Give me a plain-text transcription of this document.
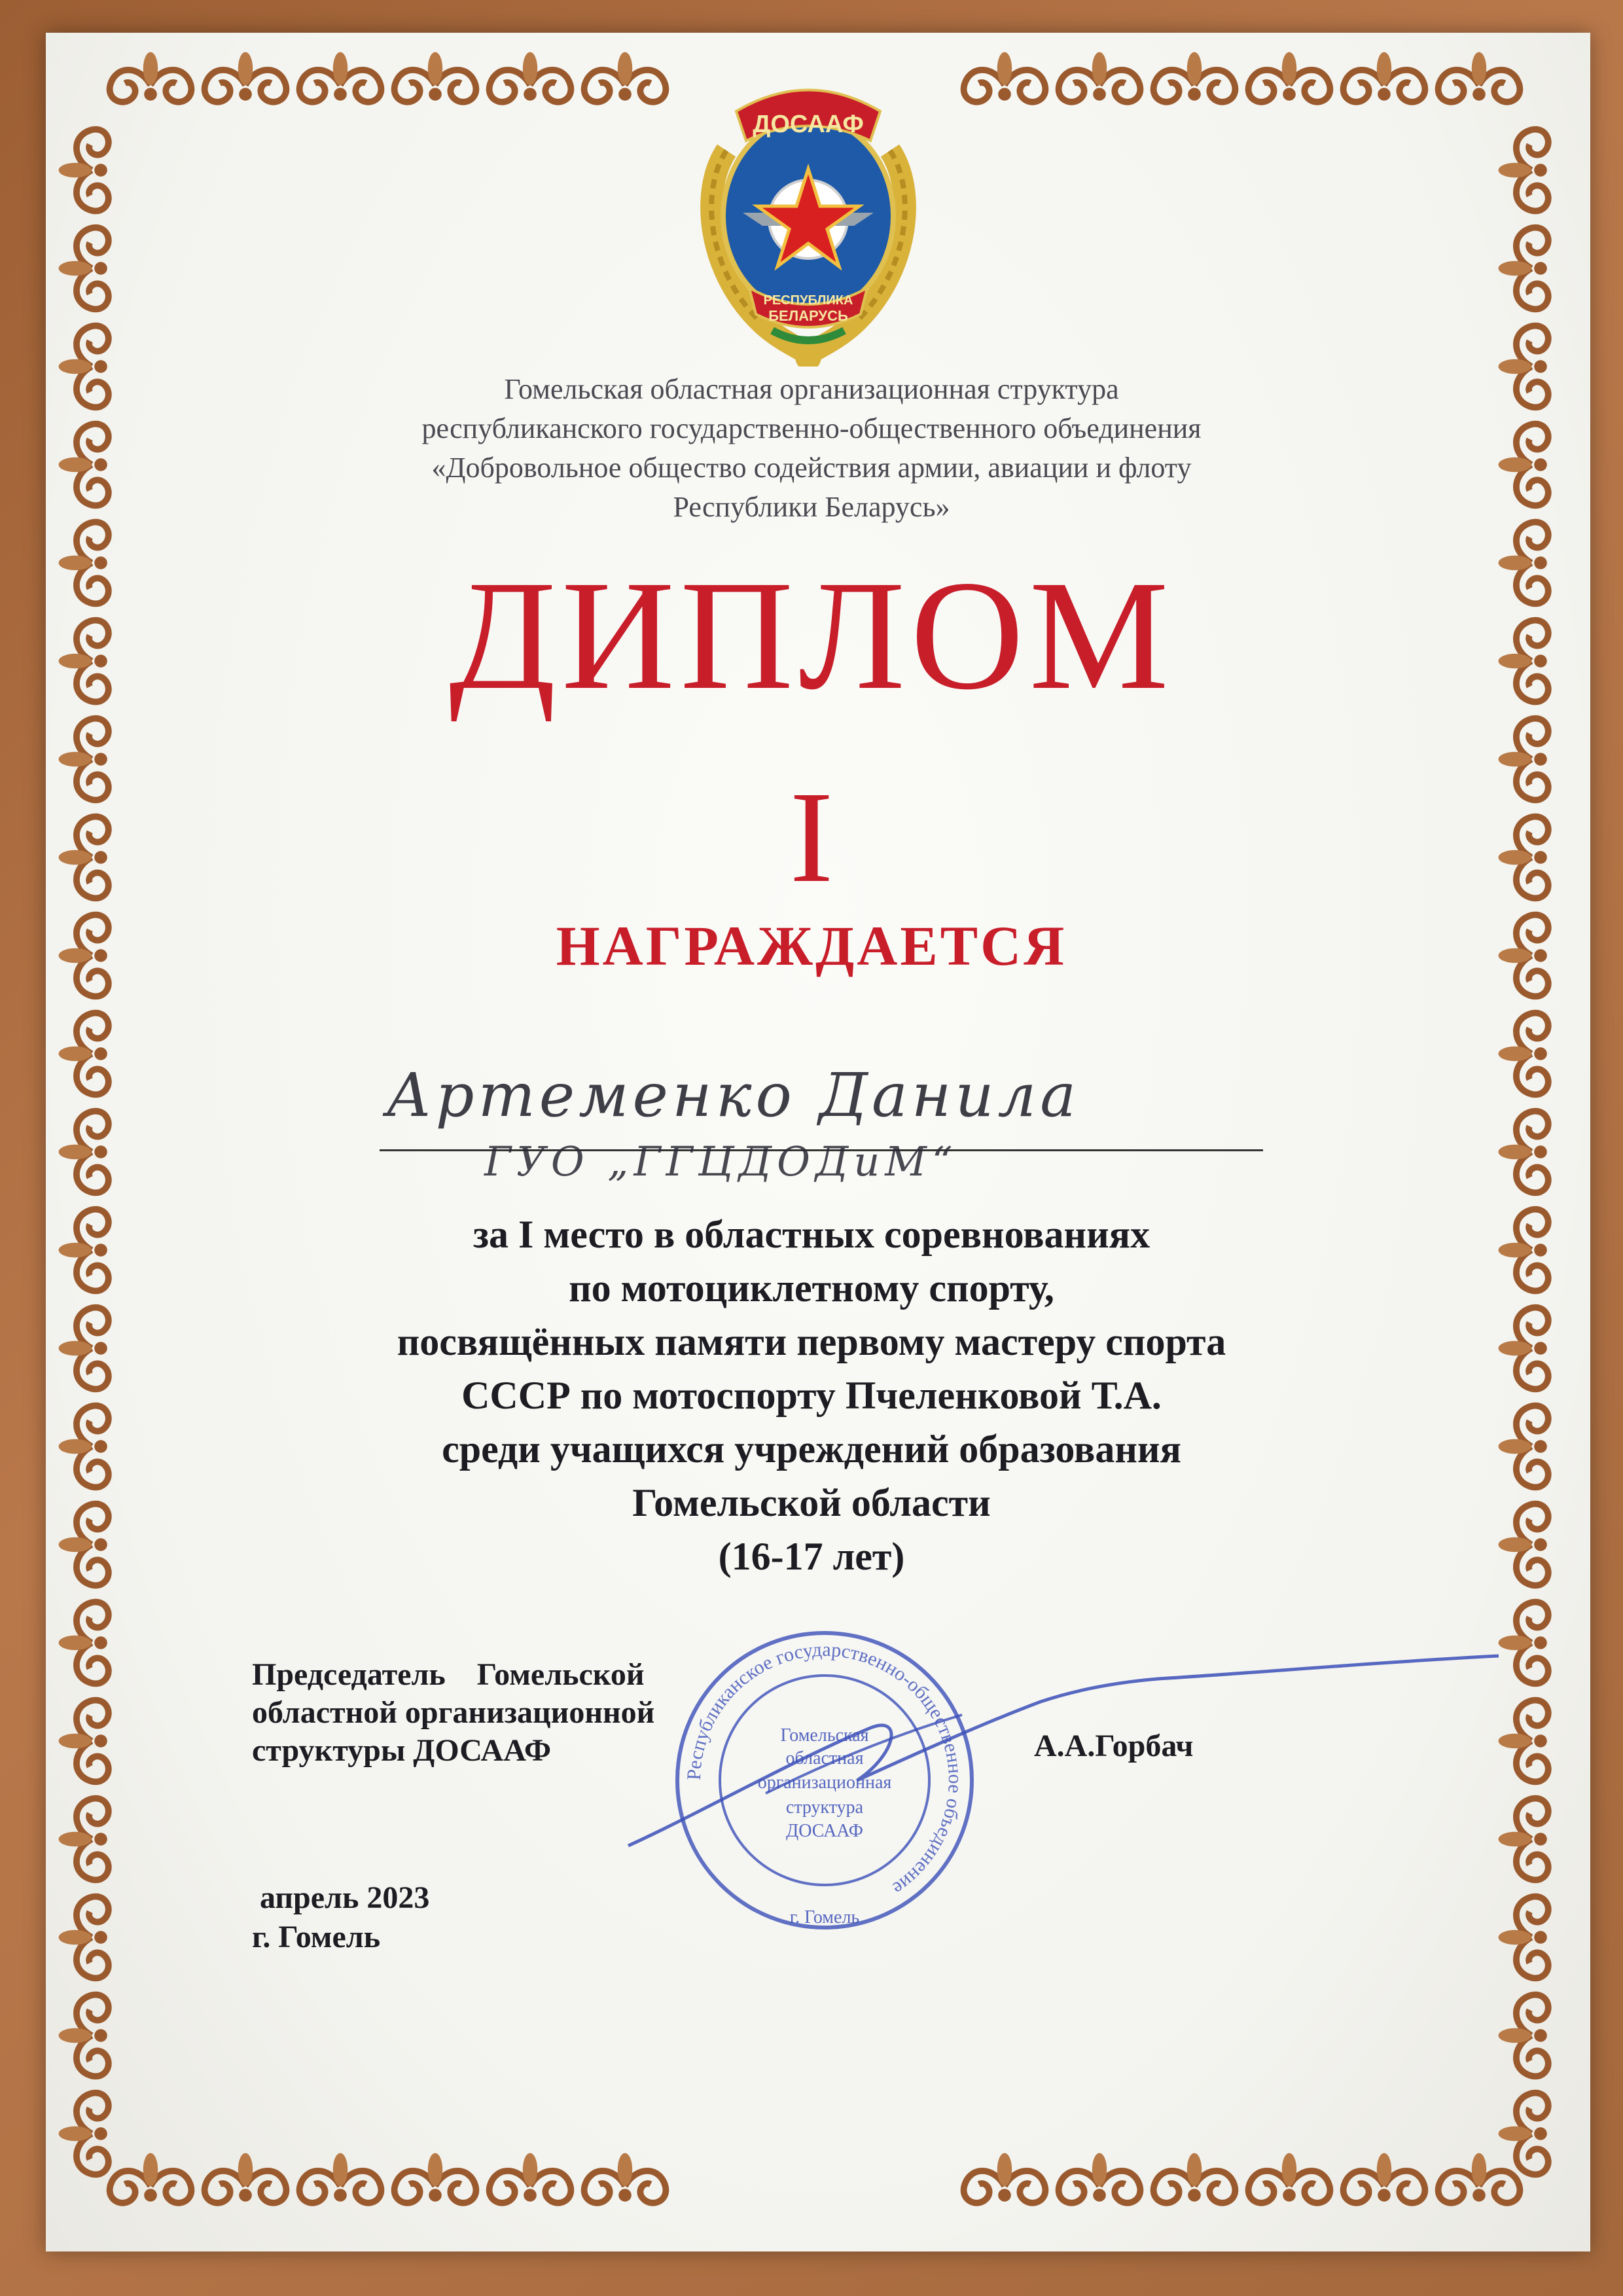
ДОСААФ
РЕСПУБЛИКА
БЕЛАРУСЬ
Гомельская областная организационная структура
республиканского государственно-общественного объединения
«Добровольное общество содействия армии, авиации и флоту
Республики Беларусь»
ДИПЛОМ
I
НАГРАЖДАЕТСЯ
Артеменко Данила
ГУО „ГГЦДОДиМ“
за I место в областных соревнованиях
по мотоциклетному спорту,
посвящённых памяти первому мастеру спорта
СССР по мотоспорту Пчеленковой Т.А.
среди учащихся учреждений образования
Гомельской области
(16-17 лет)
Председатель    Гомельской
областной организационной
структуры ДОСААФ
Республиканское государственно-общественное объединение
Гомельская
областная
организационная
структура
ДОСААФ
г. Гомель
А.А.Горбач
апрель 2023
г. Гомель
